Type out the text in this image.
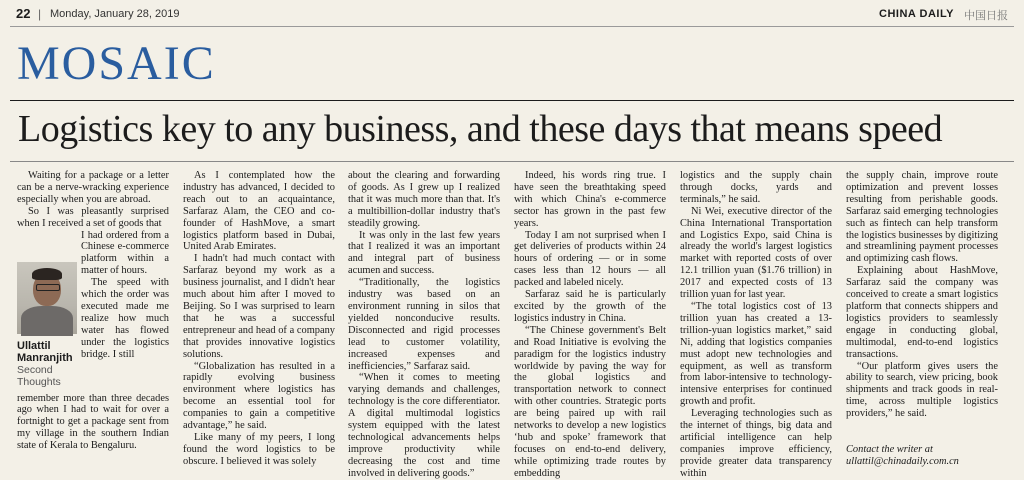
22 | Monday, January 28, 2019	CHINA DAILY 中国日报
MOSAIC
Logistics key to any business, and these days that means speed

Waiting for a package or a letter can be a nerve-wracking experience especially when you are abroad.

So I was pleasantly surprised when I received a set of goods that

I had ordered from a Chinese e-commerce platform within a matter of hours.

The speed with which the order was executed made me realize how much water has flowed under the logistics bridge. I still

remember more than three decades ago when I had to wait for over a fortnight to get a package sent from my village in the southern Indian state of Kerala to Bengaluru.

Ullattil
Manranjith
Second
Thoughts

As I contemplated how the industry has advanced, I decided to reach out to an acquaintance, Sarfaraz Alam, the CEO and co-founder of HashMove, a smart logistics platform based in Dubai, United Arab Emirates.

I hadn't had much contact with Sarfaraz beyond my work as a business journalist, and I didn't hear much about him after I moved to Beijing. So I was surprised to learn that he was a successful entrepreneur and head of a company that provides innovative logistics solutions.

“Globalization has resulted in a rapidly evolving business environment where logistics has become an essential tool for companies to gain a competitive advantage,” he said.

Like many of my peers, I long found the word logistics to be obscure. I believed it was solely

about the clearing and forwarding of goods. As I grew up I realized that it was much more than that. It's a multibillion-dollar industry that's steadily growing.

It was only in the last few years that I realized it was an important and integral part of business acumen and success.

“Traditionally, the logistics industry was based on an environment running in silos that yielded nonconducive results. Disconnected and rigid processes lead to customer volatility, increased expenses and inefficiencies,” Sarfaraz said.

“When it comes to meeting varying demands and challenges, technology is the core differentiator. A digital multimodal logistics system equipped with the latest technological advancements helps improve productivity while decreasing the cost and time involved in delivering goods.”

Indeed, his words ring true. I have seen the breathtaking speed with which China's e-commerce sector has grown in the past few years.

Today I am not surprised when I get deliveries of products within 24 hours of ordering — or in some cases less than 12 hours — all packed and labeled nicely.

Sarfaraz said he is particularly excited by the growth of the logistics industry in China.

“The Chinese government's Belt and Road Initiative is evolving the paradigm for the logistics industry worldwide by paving the way for the global logistics and transportation network to connect with other countries. Strategic ports are being paired up with rail networks to develop a new logistics ‘hub and spoke’ framework that focuses on end-to-end delivery, while optimizing trade routes by embedding

logistics and the supply chain through docks, yards and terminals,” he said.

Ni Wei, executive director of the China International Transportation and Logistics Expo, said China is already the world's largest logistics market with reported costs of over 12.1 trillion yuan ($1.76 trillion) in 2017 and expected costs of 13 trillion yuan for last year.

“The total logistics cost of 13 trillion yuan has created a 13-trillion-yuan logistics market,” said Ni, adding that logistics companies must adopt new technologies and equipment, as well as transform from labor-intensive to technology-intensive enterprises for continued growth and profit.

Leveraging technologies such as the internet of things, big data and artificial intelligence can help companies improve efficiency, provide greater data transparency within

the supply chain, improve route optimization and prevent losses resulting from perishable goods. Sarfaraz said emerging technologies such as fintech can help transform the logistics businesses by digitizing and streamlining payment processes and optimizing cash flows.

Explaining about HashMove, Sarfaraz said the company was conceived to create a smart logistics platform that connects shippers and logistics providers to seamlessly engage in conducting global, multimodal, end-to-end logistics transactions.

“Our platform gives users the ability to search, view pricing, book shipments and track goods in real-time, across multiple logistics providers,” he said.

Contact the writer at
ullattil@chinadaily.com.cn
